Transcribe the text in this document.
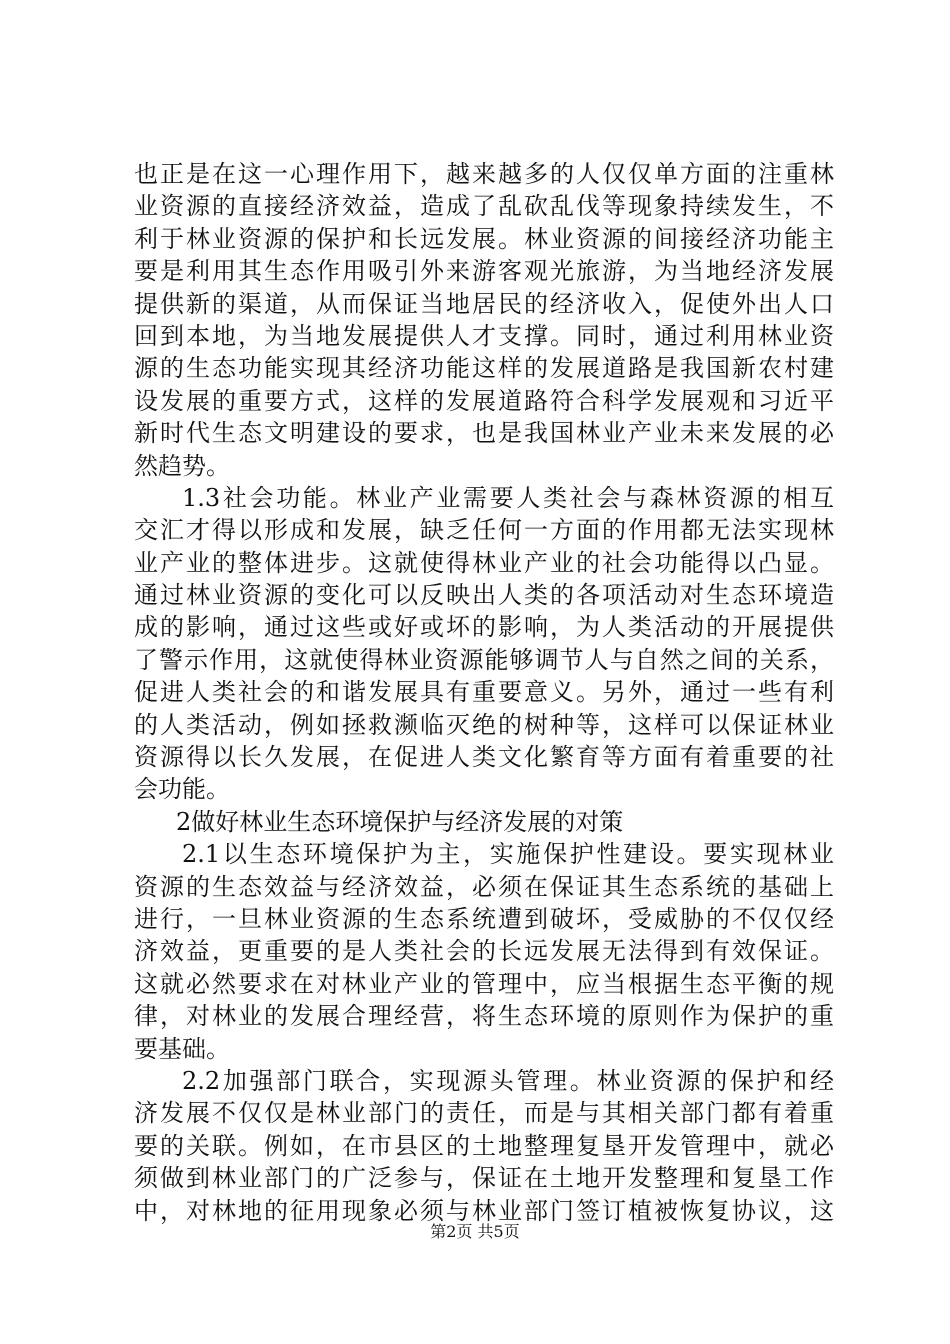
也正是在这一心理作用下，越来越多的人仅仅单方面的注重林
业资源的直接经济效益，造成了乱砍乱伐等现象持续发生，不
利于林业资源的保护和长远发展。林业资源的间接经济功能主
要是利用其生态作用吸引外来游客观光旅游，为当地经济发展
提供新的渠道，从而保证当地居民的经济收入，促使外出人口
回到本地，为当地发展提供人才支撑。同时，通过利用林业资
源的生态功能实现其经济功能这样的发展道路是我国新农村建
设发展的重要方式，这样的发展道路符合科学发展观和习近平
新时代生态文明建设的要求，也是我国林业产业未来发展的必
然趋势。
1.3社会功能。林业产业需要人类社会与森林资源的相互
交汇才得以形成和发展，缺乏任何一方面的作用都无法实现林
业产业的整体进步。这就使得林业产业的社会功能得以凸显。
通过林业资源的变化可以反映出人类的各项活动对生态环境造
成的影响，通过这些或好或坏的影响，为人类活动的开展提供
了警示作用，这就使得林业资源能够调节人与自然之间的关系，
促进人类社会的和谐发展具有重要意义。另外，通过一些有利
的人类活动，例如拯救濒临灭绝的树种等，这样可以保证林业
资源得以长久发展，在促进人类文化繁育等方面有着重要的社
会功能。
2做好林业生态环境保护与经济发展的对策
2.1以生态环境保护为主，实施保护性建设。要实现林业
资源的生态效益与经济效益，必须在保证其生态系统的基础上
进行，一旦林业资源的生态系统遭到破坏，受威胁的不仅仅经
济效益，更重要的是人类社会的长远发展无法得到有效保证。
这就必然要求在对林业产业的管理中，应当根据生态平衡的规
律，对林业的发展合理经营，将生态环境的原则作为保护的重
要基础。
2.2加强部门联合，实现源头管理。林业资源的保护和经
济发展不仅仅是林业部门的责任，而是与其相关部门都有着重
要的关联。例如，在市县区的土地整理复垦开发管理中，就必
须做到林业部门的广泛参与，保证在土地开发整理和复垦工作
中，对林地的征用现象必须与林业部门签订植被恢复协议，这
第2页 共5页
